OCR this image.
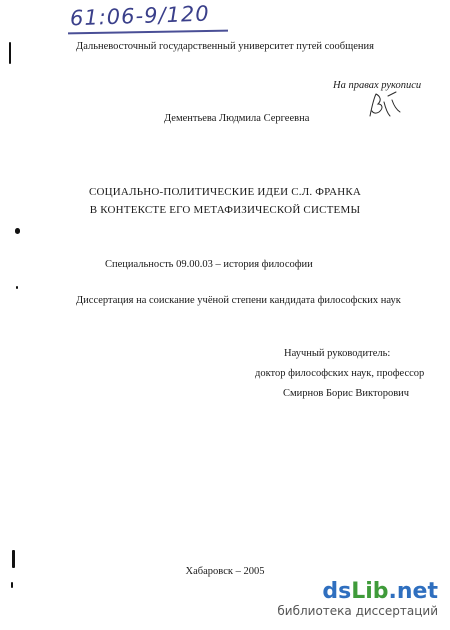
61:06-9/120
Дальневосточный государственный университет путей сообщения
На правах рукописи
Дементьева Людмила Сергеевна
СОЦИАЛЬНО-ПОЛИТИЧЕСКИЕ ИДЕИ С.Л. ФРАНКА
В КОНТЕКСТЕ ЕГО МЕТАФИЗИЧЕСКОЙ СИСТЕМЫ
Специальность 09.00.03 – история философии
Диссертация на соискание учёной степени кандидата философских наук
Научный руководитель:
доктор философских наук, профессор
Смирнов Борис Викторович
Хабаровск – 2005
dsLib.net
библиотека диссертаций
